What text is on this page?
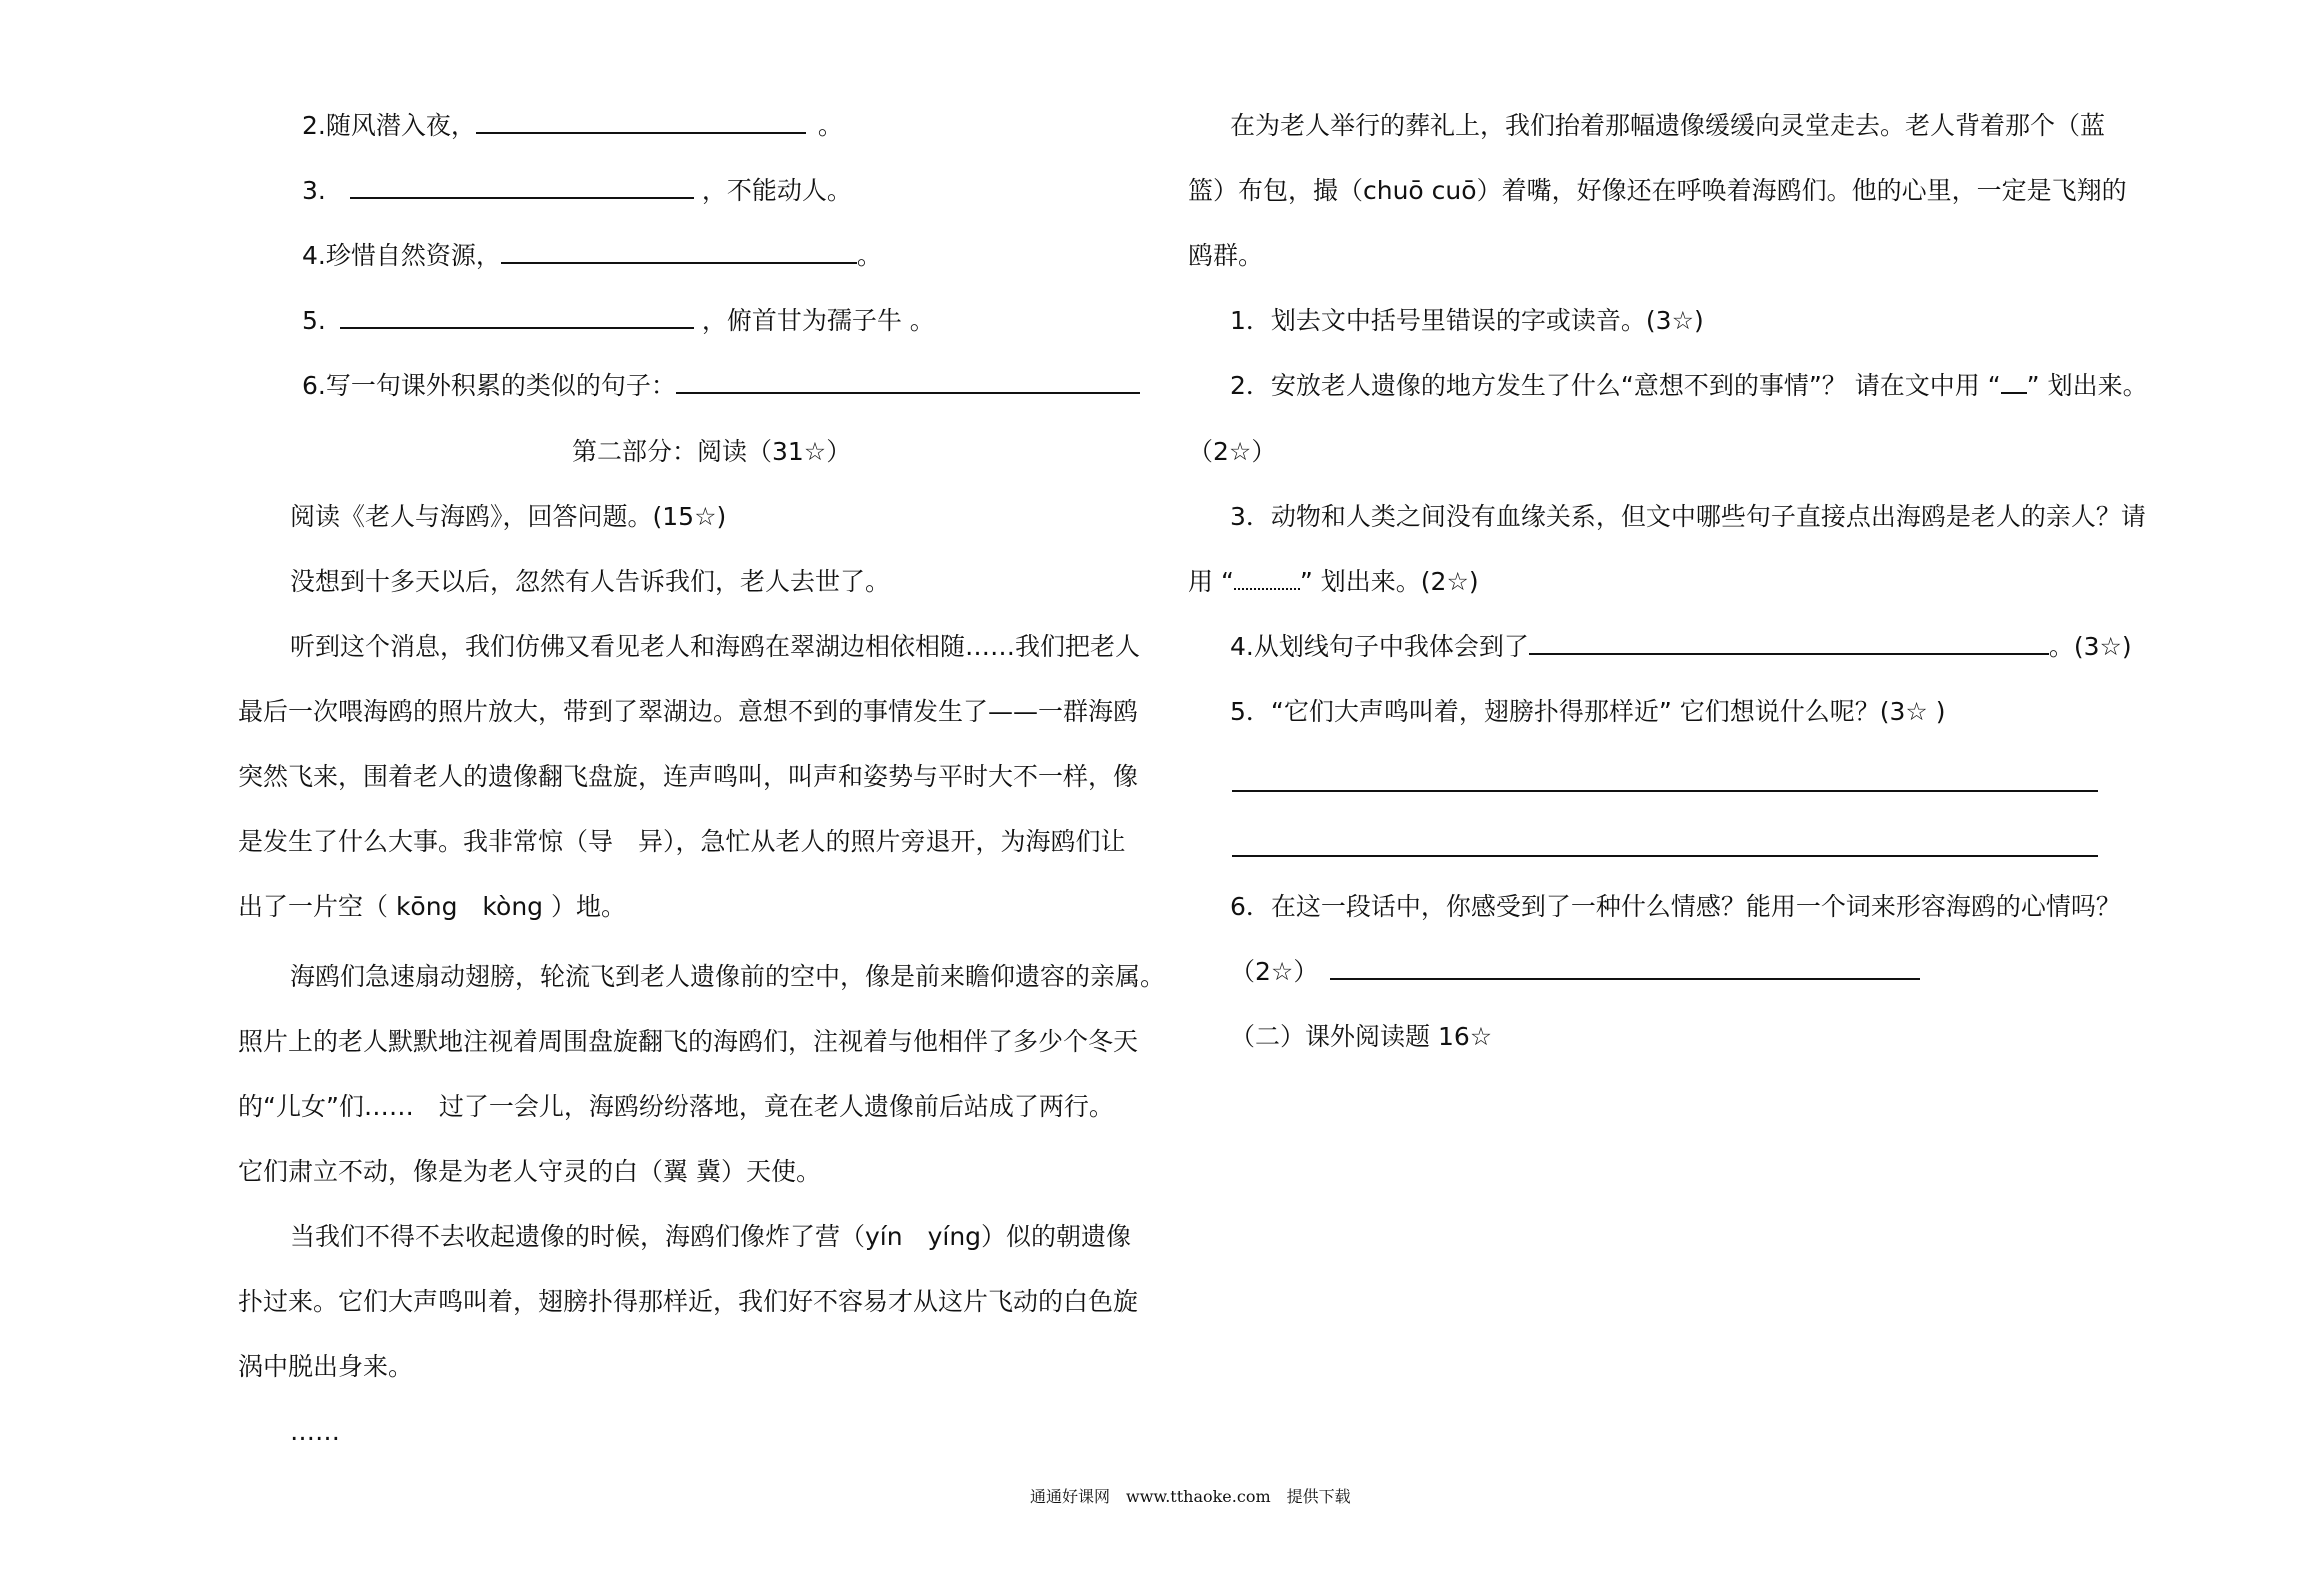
2.随风潜入夜，	。
3.	，不能动人。
4.珍惜自然资源，	。
5.	，俯首甘为孺子牛 。
6.写一句课外积累的类似的句子：
第二部分：阅读（31☆）
阅读《老人与海鸥》，回答问题。(15☆)
没想到十多天以后，忽然有人告诉我们，老人去世了。
听到这个消息，我们仿佛又看见老人和海鸥在翠湖边相依相随……我们把老人
最后一次喂海鸥的照片放大，带到了翠湖边。意想不到的事情发生了——一群海鸥
突然飞来，围着老人的遗像翻飞盘旋，连声鸣叫，叫声和姿势与平时大不一样，像
是发生了什么大事。我非常惊（导　异），急忙从老人的照片旁退开，为海鸥们让
出了一片空（ kōng　kòng ）地。
海鸥们急速扇动翅膀，轮流飞到老人遗像前的空中，像是前来瞻仰遗容的亲属。
照片上的老人默默地注视着周围盘旋翻飞的海鸥们，注视着与他相伴了多少个冬天
的“儿女”们……　过了一会儿，海鸥纷纷落地，竟在老人遗像前后站成了两行。
它们肃立不动，像是为老人守灵的白（翼 冀）天使。
当我们不得不去收起遗像的时候，海鸥们像炸了营（yín　yíng）似的朝遗像
扑过来。它们大声鸣叫着，翅膀扑得那样近，我们好不容易才从这片飞动的白色旋
涡中脱出身来。
……
在为老人举行的葬礼上，我们抬着那幅遗像缓缓向灵堂走去。老人背着那个（蓝
篮）布包，撮（chuō cuō）着嘴，好像还在呼唤着海鸥们。他的心里，一定是飞翔的
鸥群。
1．划去文中括号里错误的字或读音。(3☆)
2．安放老人遗像的地方发生了什么“意想不到的事情”？ 请在文中用 “ ” 划出来。
（2☆）
3．动物和人类之间没有血缘关系，但文中哪些句子直接点出海鸥是老人的亲人？请
用 “	” 划出来。(2☆)
4.从划线句子中我体会到了	。(3☆)
5．“它们大声鸣叫着，翅膀扑得那样近” 它们想说什么呢？(3☆ )
6．在这一段话中，你感受到了一种什么情感？能用一个词来形容海鸥的心情吗？
（2☆）
（二）课外阅读题 16☆
通通好课网　www.tthaoke.com　提供下载
